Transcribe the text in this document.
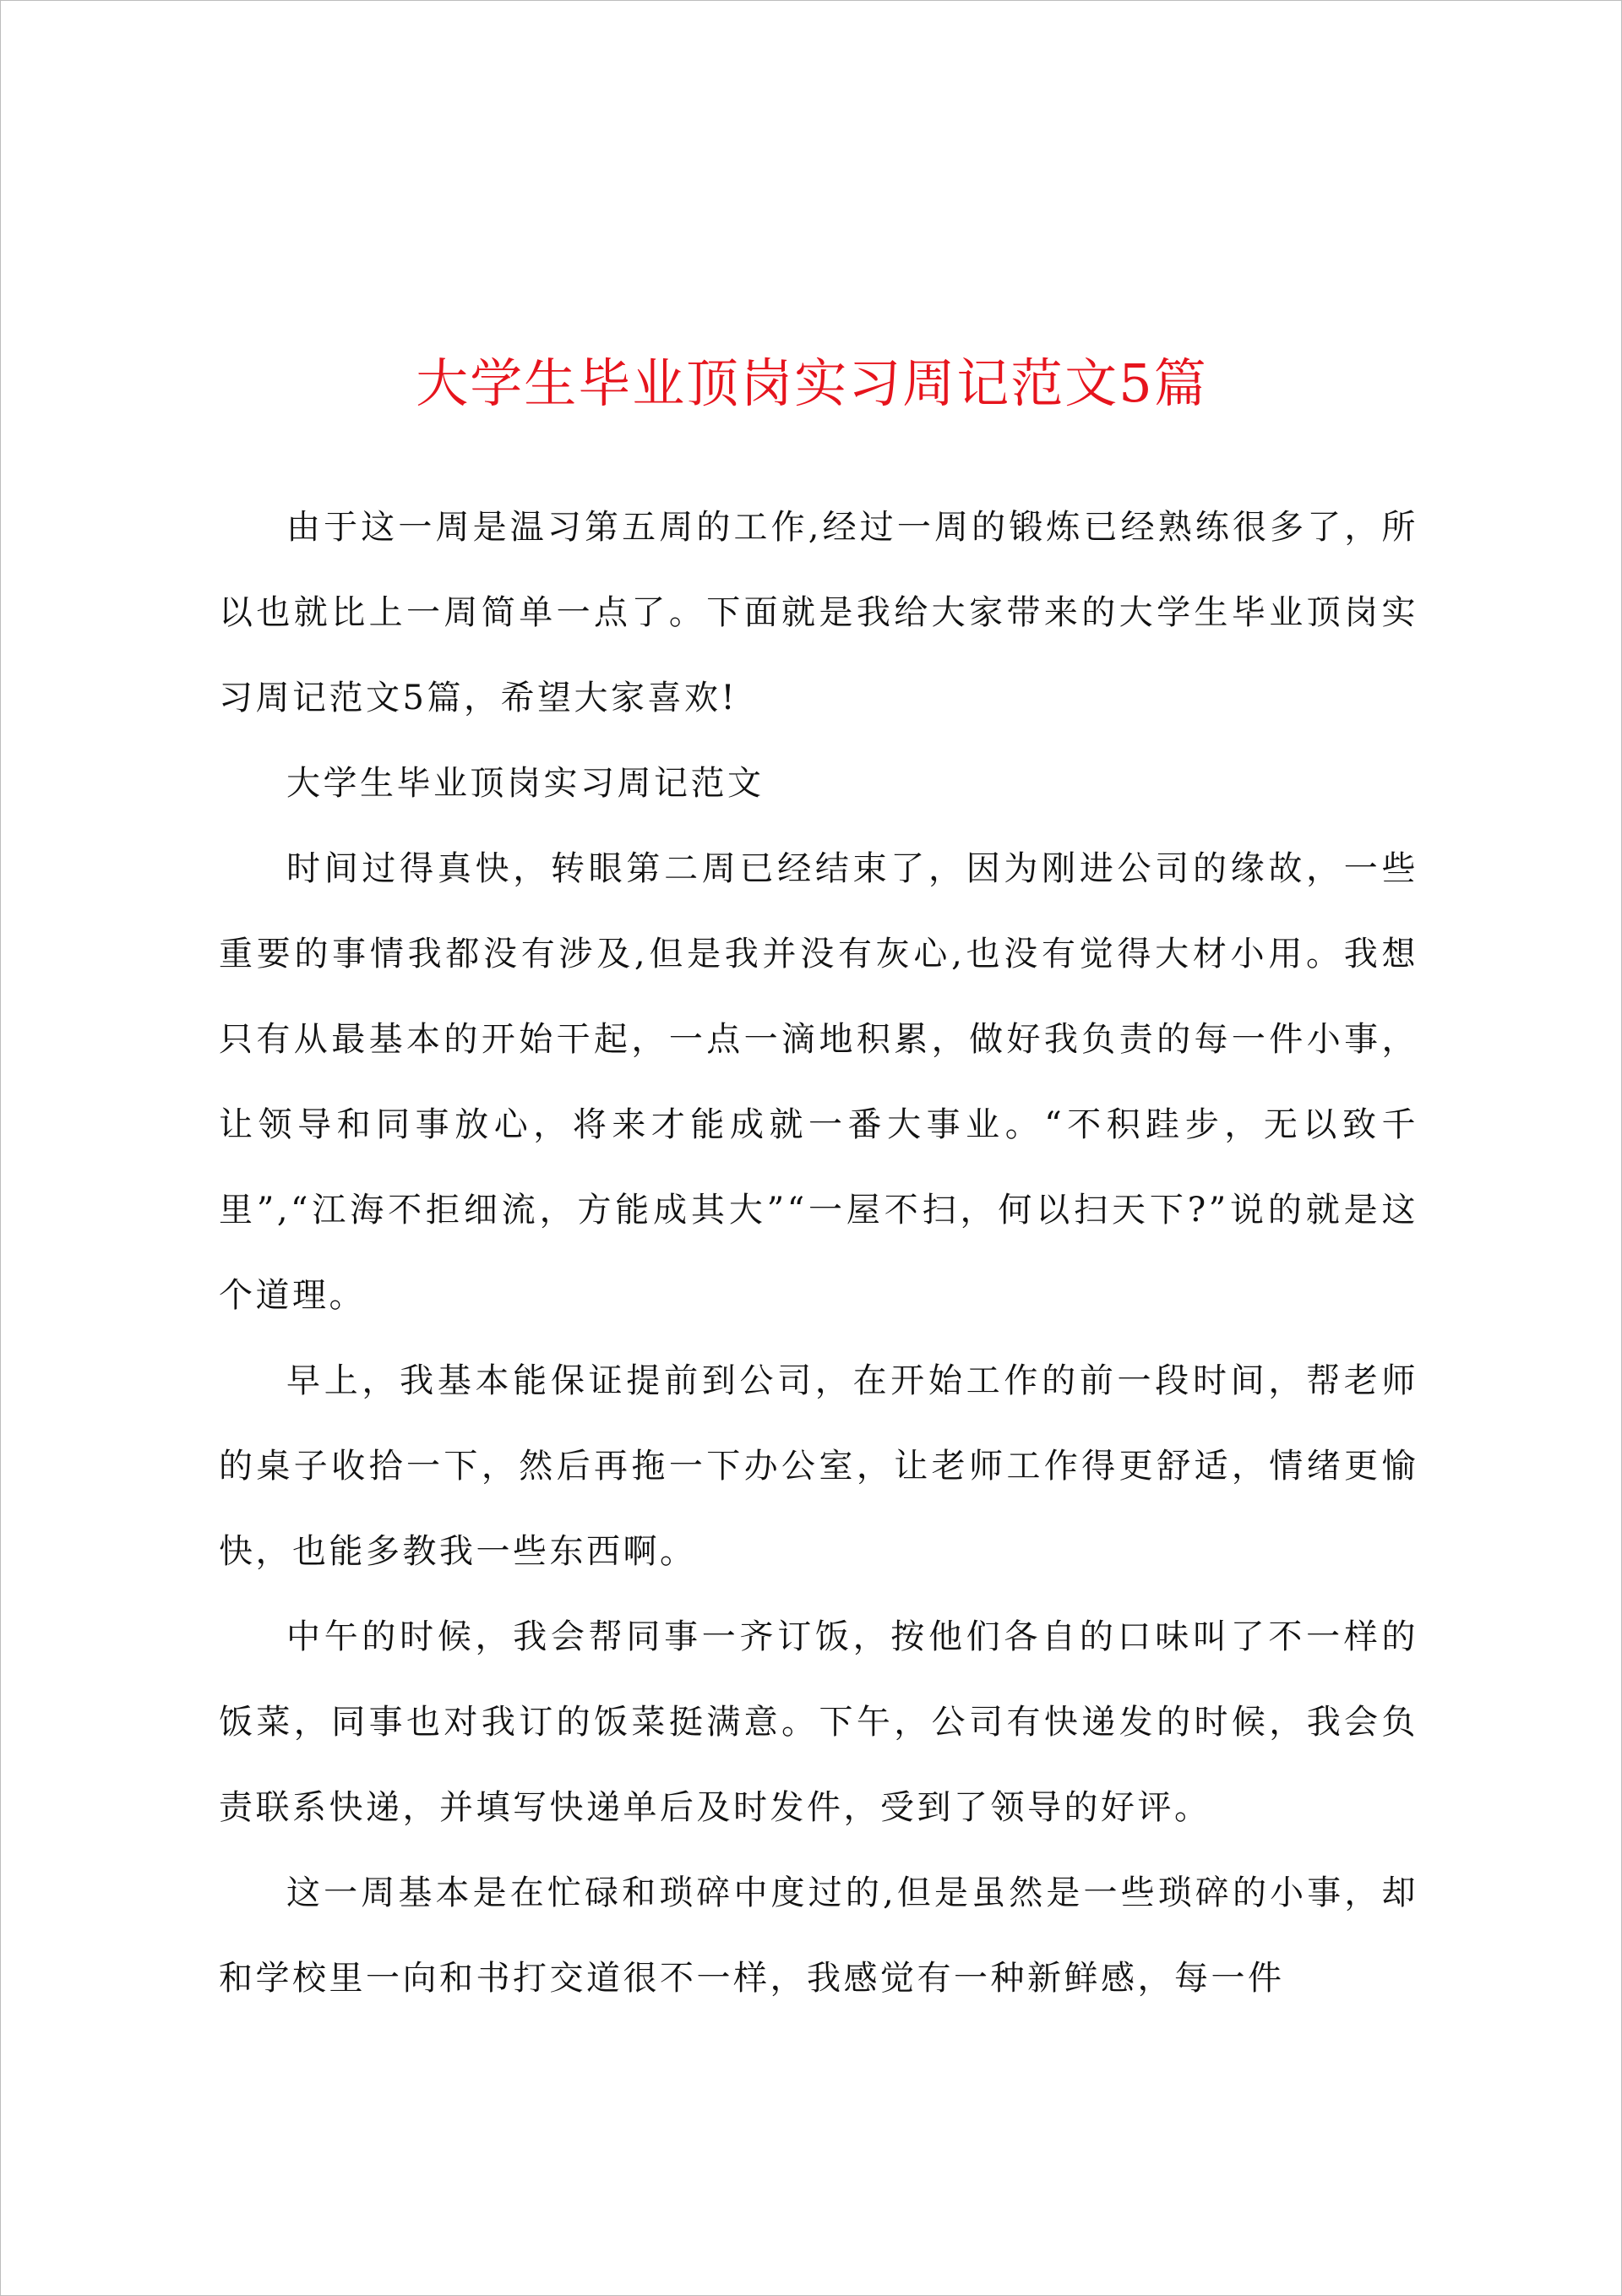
大学生毕业顶岗实习周记范文5篇

由于这一周是温习第五周的工作,经过一周的锻炼已经熟练很多了，所以也就比上一周简单一点了。下面就是我给大家带来的大学生毕业顶岗实习周记范文5篇，希望大家喜欢!

大学生毕业顶岗实习周记范文

时间过得真快，转眼第二周已经结束了，因为刚进公司的缘故，一些重要的事情我都没有涉及,但是我并没有灰心,也没有觉得大材小用。我想只有从最基本的开始干起，一点一滴地积累，做好我负责的每一件小事，让领导和同事放心，将来才能成就一番大事业。“不积跬步，无以致千里”,“江海不拒细流，方能成其大”“一屋不扫，何以扫天下?”说的就是这个道理。

早上，我基本能保证提前到公司，在开始工作的前一段时间，帮老师的桌子收拾一下，然后再拖一下办公室，让老师工作得更舒适，情绪更愉快，也能多教我一些东西啊。

中午的时候，我会帮同事一齐订饭，按他们各自的口味叫了不一样的饭菜，同事也对我订的饭菜挺满意。下午，公司有快递发的时候，我会负责联系快递，并填写快递单后及时发件，受到了领导的好评。

这一周基本是在忙碌和琐碎中度过的,但是虽然是一些琐碎的小事，却和学校里一向和书打交道很不一样，我感觉有一种新鲜感，每一件
